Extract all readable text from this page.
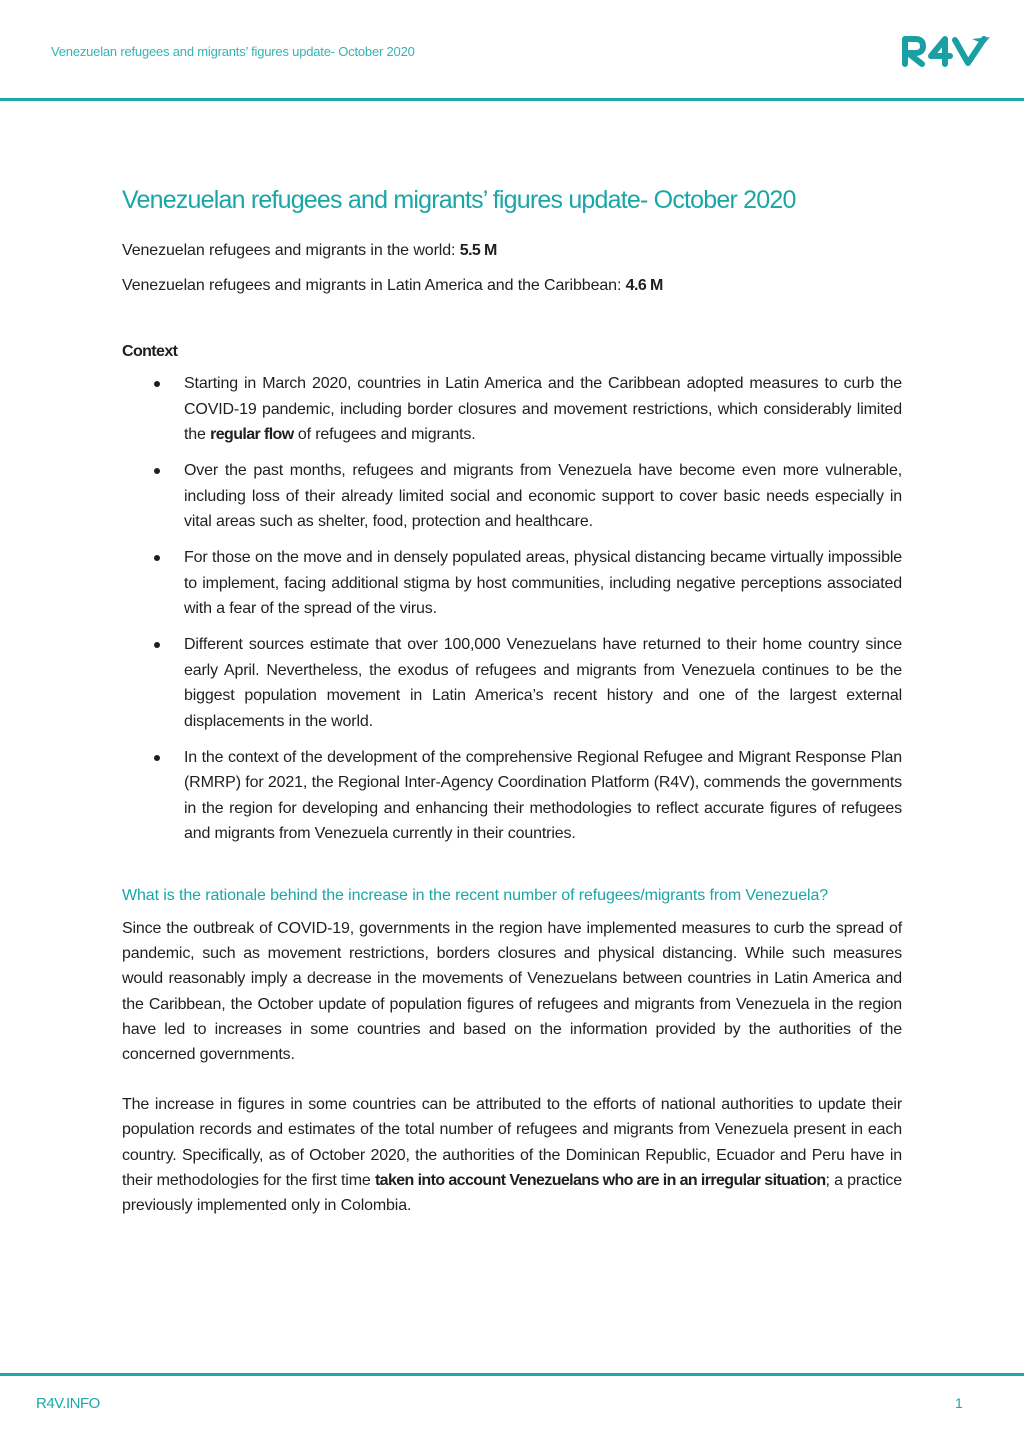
Venezuelan refugees and migrants’ figures update- October 2020
Venezuelan refugees and migrants’ figures update- October 2020

Venezuelan refugees and migrants in the world: 5.5 M

Venezuelan refugees and migrants in Latin America and the Caribbean: 4.6 M

Context
Starting in March 2020, countries in Latin America and the Caribbean adopted measures to curb the COVID-19 pandemic, including border closures and movement restrictions, which considerably limited the regular flow of refugees and migrants.
Over the past months, refugees and migrants from Venezuela have become even more vulnerable, including loss of their already limited social and economic support to cover basic needs especially in vital areas such as shelter, food, protection and healthcare.
For those on the move and in densely populated areas, physical distancing became virtually impossible to implement, facing additional stigma by host communities, including negative perceptions associated with a fear of the spread of the virus.
Different sources estimate that over 100,000 Venezuelans have returned to their home country since early April. Nevertheless, the exodus of refugees and migrants from Venezuela continues to be the biggest population movement in Latin America’s recent history and one of the largest external displacements in the world.
In the context of the development of the comprehensive Regional Refugee and Migrant Response Plan (RMRP) for 2021, the Regional Inter-Agency Coordination Platform (R4V), commends the governments in the region for developing and enhancing their methodologies to reflect accurate figures of refugees and migrants from Venezuela currently in their countries.
What is the rationale behind the increase in the recent number of refugees/migrants from Venezuela?

Since the outbreak of COVID-19, governments in the region have implemented measures to curb the spread of pandemic, such as movement restrictions, borders closures and physical distancing. While such measures would reasonably imply a decrease in the movements of Venezuelans between countries in Latin America and the Caribbean, the October update of population figures of refugees and migrants from Venezuela in the region have led to increases in some countries and based on the information provided by the authorities of the concerned governments.

The increase in figures in some countries can be attributed to the efforts of national authorities to update their population records and estimates of the total number of refugees and migrants from Venezuela present in each country. Specifically, as of October 2020, the authorities of the Dominican Republic, Ecuador and Peru have in their methodologies for the first time taken into account Venezuelans who are in an irregular situation; a practice previously implemented only in Colombia.

R4V.INFO	1
